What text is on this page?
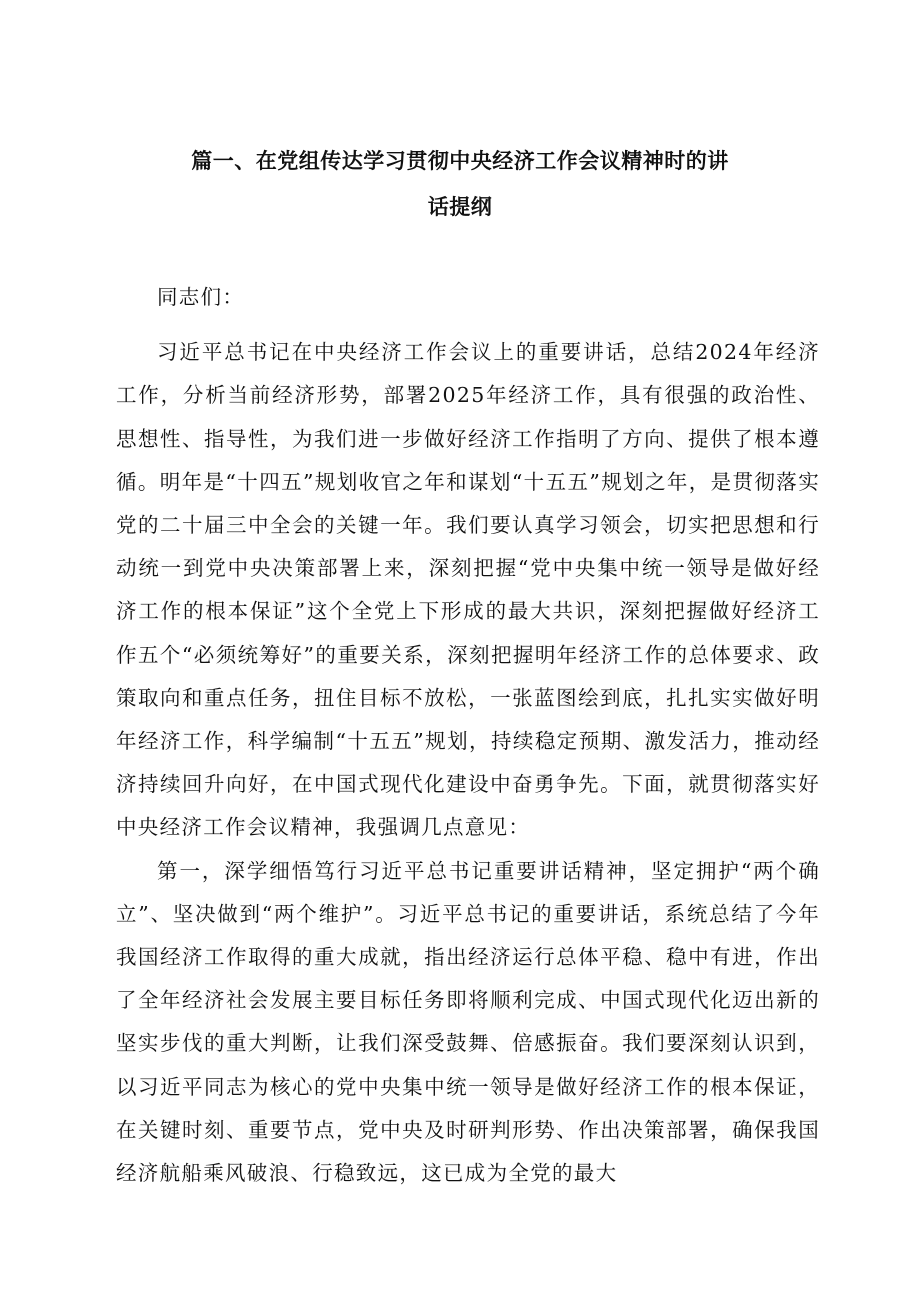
篇一、在党组传达学习贯彻中央经济工作会议精神时的讲
话提纲

同志们：

习近平总书记在中央经济工作会议上的重要讲话，总结2024年经济工作，分析当前经济形势，部署2025年经济工作，具有很强的政治性、思想性、指导性，为我们进一步做好经济工作指明了方向、提供了根本遵循。明年是“十四五”规划收官之年和谋划“十五五”规划之年，是贯彻落实党的二十届三中全会的关键一年。我们要认真学习领会，切实把思想和行动统一到党中央决策部署上来，深刻把握“党中央集中统一领导是做好经济工作的根本保证”这个全党上下形成的最大共识，深刻把握做好经济工作五个“必须统筹好”的重要关系，深刻把握明年经济工作的总体要求、政策取向和重点任务，扭住目标不放松，一张蓝图绘到底，扎扎实实做好明年经济工作，科学编制“十五五”规划，持续稳定预期、激发活力，推动经济持续回升向好，在中国式现代化建设中奋勇争先。下面，就贯彻落实好中央经济工作会议精神，我强调几点意见：

第一，深学细悟笃行习近平总书记重要讲话精神，坚定拥护“两个确立”、坚决做到“两个维护”。习近平总书记的重要讲话，系统总结了今年我国经济工作取得的重大成就，指出经济运行总体平稳、稳中有进，作出了全年经济社会发展主要目标任务即将顺利完成、中国式现代化迈出新的坚实步伐的重大判断，让我们深受鼓舞、倍感振奋。我们要深刻认识到，以习近平同志为核心的党中央集中统一领导是做好经济工作的根本保证，在关键时刻、重要节点，党中央及时研判形势、作出决策部署，确保我国经济航船乘风破浪、行稳致远，这已成为全党的最大
